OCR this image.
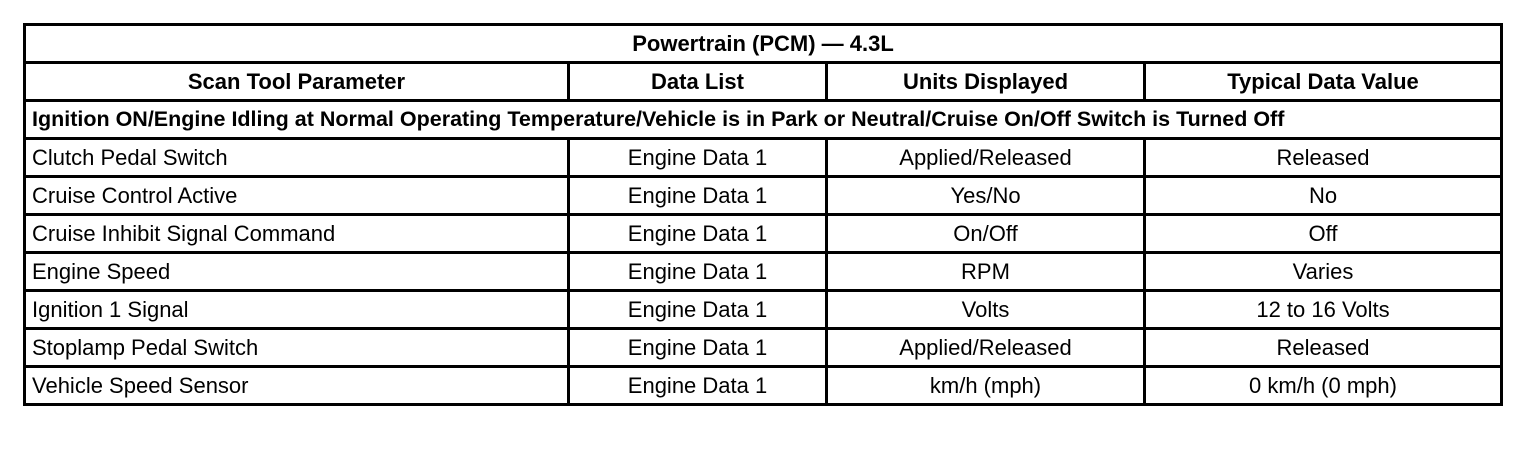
Powertrain (PCM) — 4.3L			
Scan Tool Parameter	Data List	Units Displayed	Typical Data Value
Ignition ON/Engine Idling at Normal Operating Temperature/Vehicle is in Park or Neutral/Cruise On/Off Switch is Turned Off			
Clutch Pedal Switch	Engine Data 1	Applied/Released	Released
Cruise Control Active	Engine Data 1	Yes/No	No
Cruise Inhibit Signal Command	Engine Data 1	On/Off	Off
Engine Speed	Engine Data 1	RPM	Varies
Ignition 1 Signal	Engine Data 1	Volts	12 to 16 Volts
Stoplamp Pedal Switch	Engine Data 1	Applied/Released	Released
Vehicle Speed Sensor	Engine Data 1	km/h (mph)	0 km/h (0 mph)
